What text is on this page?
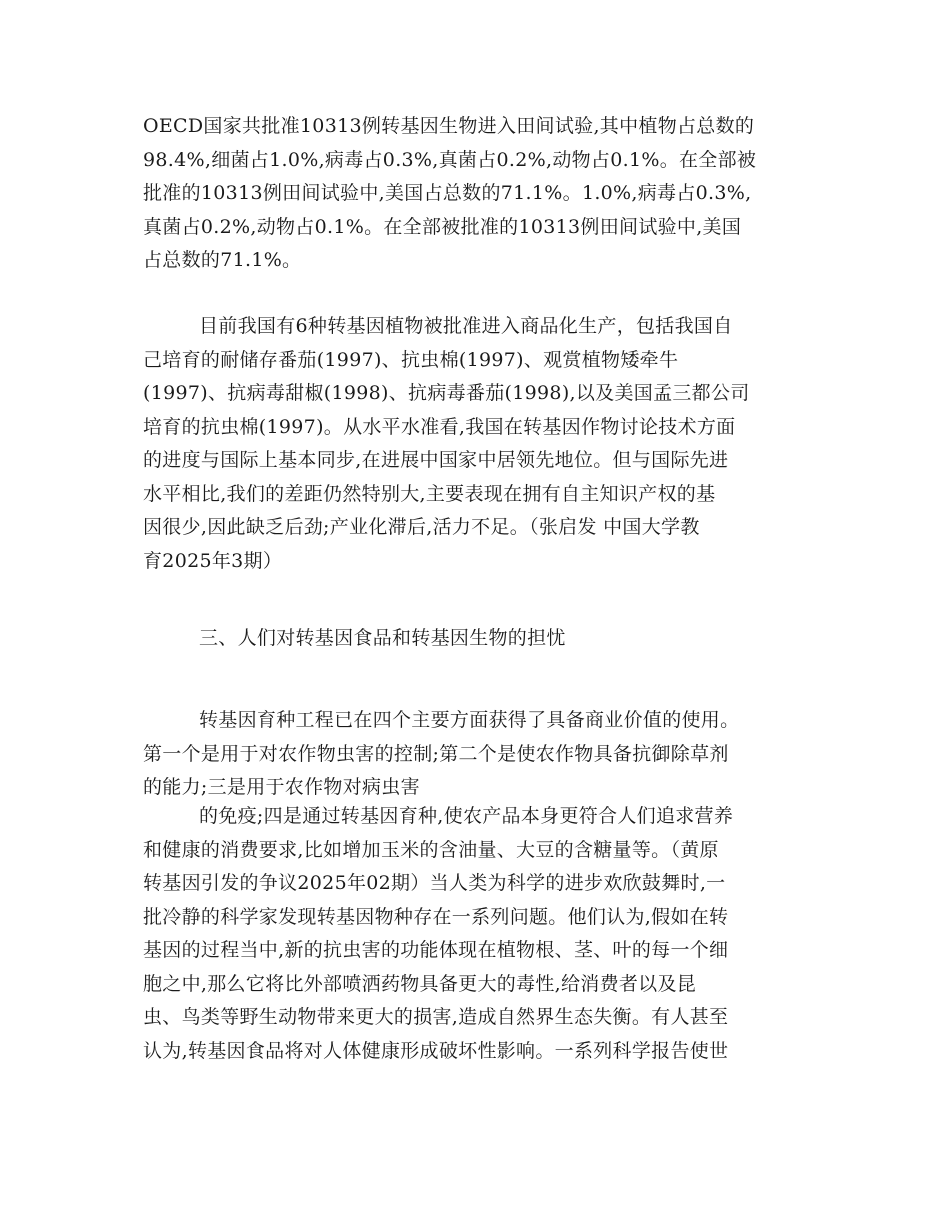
OECD国家共批准10313例转基因生物进入田间试验,其中植物占总数的
98.4%,细菌占1.0%,病毒占0.3%,真菌占0.2%,动物占0.1%。在全部被
批准的10313例田间试验中,美国占总数的71.1%。1.0%,病毒占0.3%,
真菌占0.2%,动物占0.1%。在全部被批准的10313例田间试验中,美国
占总数的71.1%。
目前我国有6种转基因植物被批准进入商品化生产，包括我国自
己培育的耐储存番茄(1997)、抗虫棉(1997)、观赏植物矮牵牛
(1997)、抗病毒甜椒(1998)、抗病毒番茄(1998),以及美国孟三都公司
培育的抗虫棉(1997)。从水平水准看,我国在转基因作物讨论技术方面
的进度与国际上基本同步,在进展中国家中居领先地位。但与国际先进
水平相比,我们的差距仍然特别大,主要表现在拥有自主知识产权的基
因很少,因此缺乏后劲;产业化滞后,活力不足。（张启发 中国大学教
育2025年3期）
三、人们对转基因食品和转基因生物的担忧
转基因育种工程已在四个主要方面获得了具备商业价值的使用。
第一个是用于对农作物虫害的控制;第二个是使农作物具备抗御除草剂
的能力;三是用于农作物对病虫害
的免疫;四是通过转基因育种,使农产品本身更符合人们追求营养
和健康的消费要求,比如增加玉米的含油量、大豆的含糖量等。（黄原
转基因引发的争议2025年02期）当人类为科学的进步欢欣鼓舞时,一
批冷静的科学家发现转基因物种存在一系列问题。他们认为,假如在转
基因的过程当中,新的抗虫害的功能体现在植物根、茎、叶的每一个细
胞之中,那么它将比外部喷洒药物具备更大的毒性,给消费者以及昆
虫、鸟类等野生动物带来更大的损害,造成自然界生态失衡。有人甚至
认为,转基因食品将对人体健康形成破坏性影响。一系列科学报告使世
